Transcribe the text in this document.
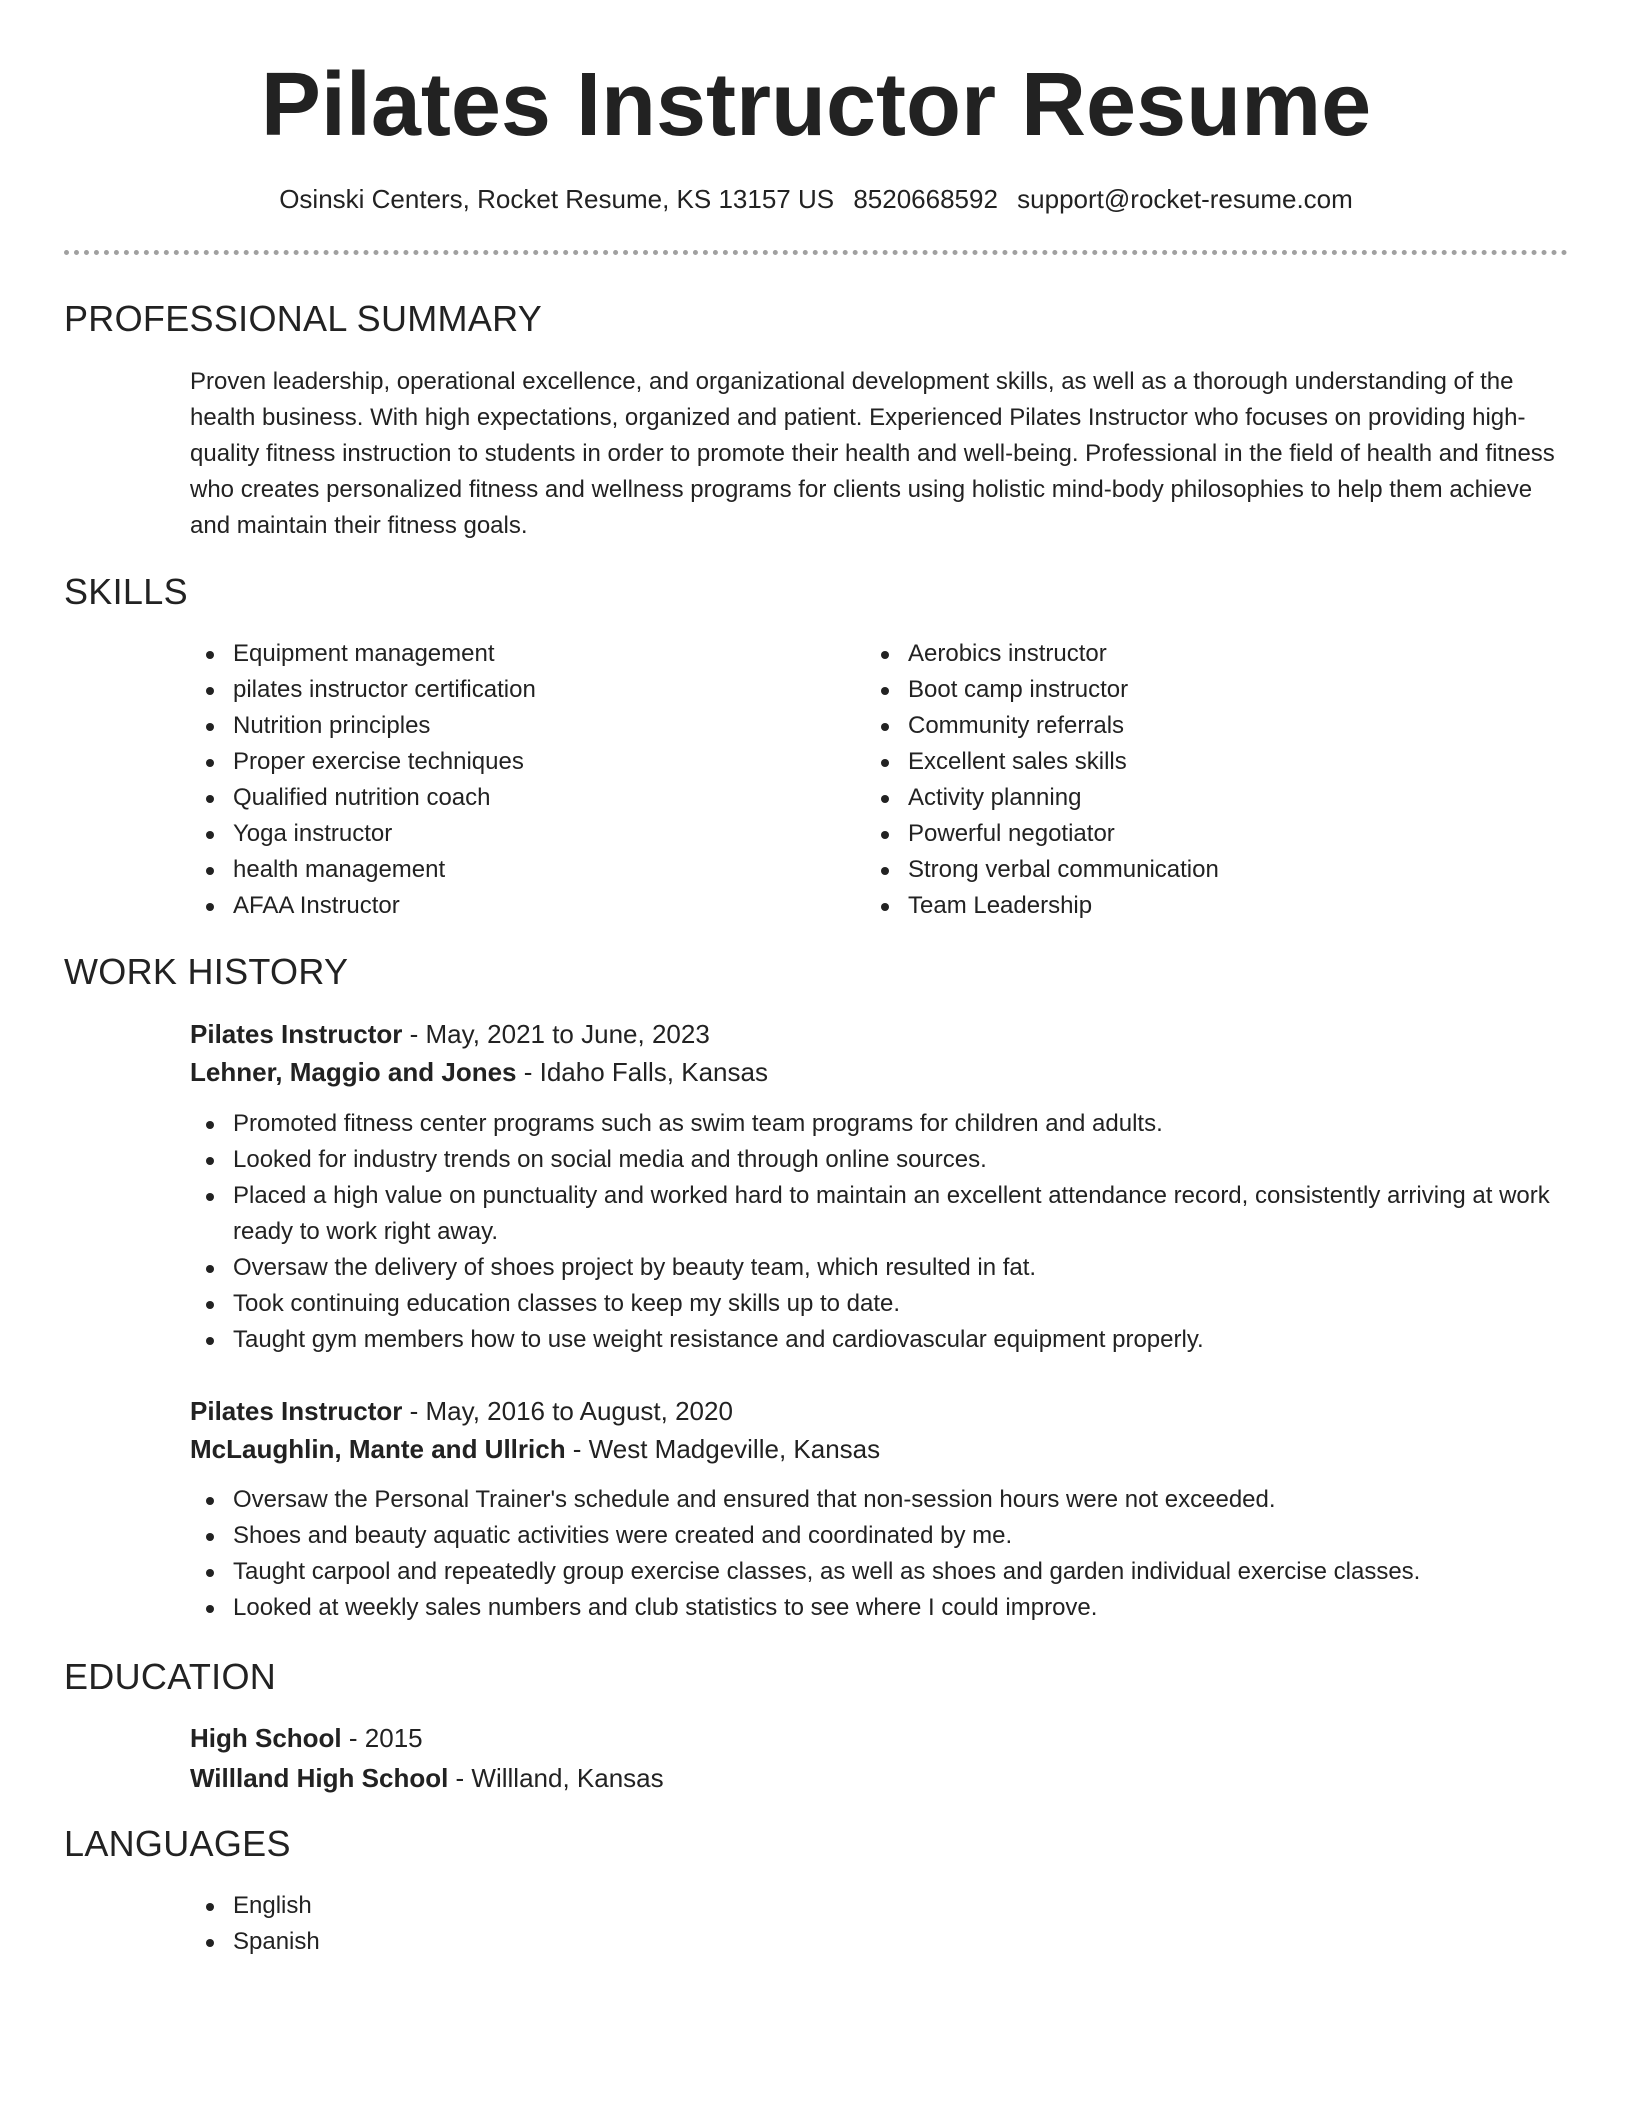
Pilates Instructor Resume
Osinski Centers, Rocket Resume, KS 13157 US 8520668592 support@rocket-resume.com
PROFESSIONAL SUMMARY

Proven leadership, operational excellence, and organizational development skills, as well as a thorough understanding of the health business. With high expectations, organized and patient. Experienced Pilates Instructor who focuses on providing high-quality fitness instruction to students in order to promote their health and well-being. Professional in the field of health and fitness who creates personalized fitness and wellness programs for clients using holistic mind-body philosophies to help them achieve and maintain their fitness goals.

SKILLS
Equipment management
pilates instructor certification
Nutrition principles
Proper exercise techniques
Qualified nutrition coach
Yoga instructor
health management
AFAA Instructor
Aerobics instructor
Boot camp instructor
Community referrals
Excellent sales skills
Activity planning
Powerful negotiator
Strong verbal communication
Team Leadership
WORK HISTORY
Pilates Instructor - May, 2021 to June, 2023
Lehner, Maggio and Jones - Idaho Falls, Kansas
Promoted fitness center programs such as swim team programs for children and adults.
Looked for industry trends on social media and through online sources.
Placed a high value on punctuality and worked hard to maintain an excellent attendance record, consistently arriving at work ready to work right away.
Oversaw the delivery of shoes project by beauty team, which resulted in fat.
Took continuing education classes to keep my skills up to date.
Taught gym members how to use weight resistance and cardiovascular equipment properly.
Pilates Instructor - May, 2016 to August, 2020
McLaughlin, Mante and Ullrich - West Madgeville, Kansas
Oversaw the Personal Trainer's schedule and ensured that non-session hours were not exceeded.
Shoes and beauty aquatic activities were created and coordinated by me.
Taught carpool and repeatedly group exercise classes, as well as shoes and garden individual exercise classes.
Looked at weekly sales numbers and club statistics to see where I could improve.
EDUCATION
High School - 2015
Willland High School - Willland, Kansas
LANGUAGES
English
Spanish
